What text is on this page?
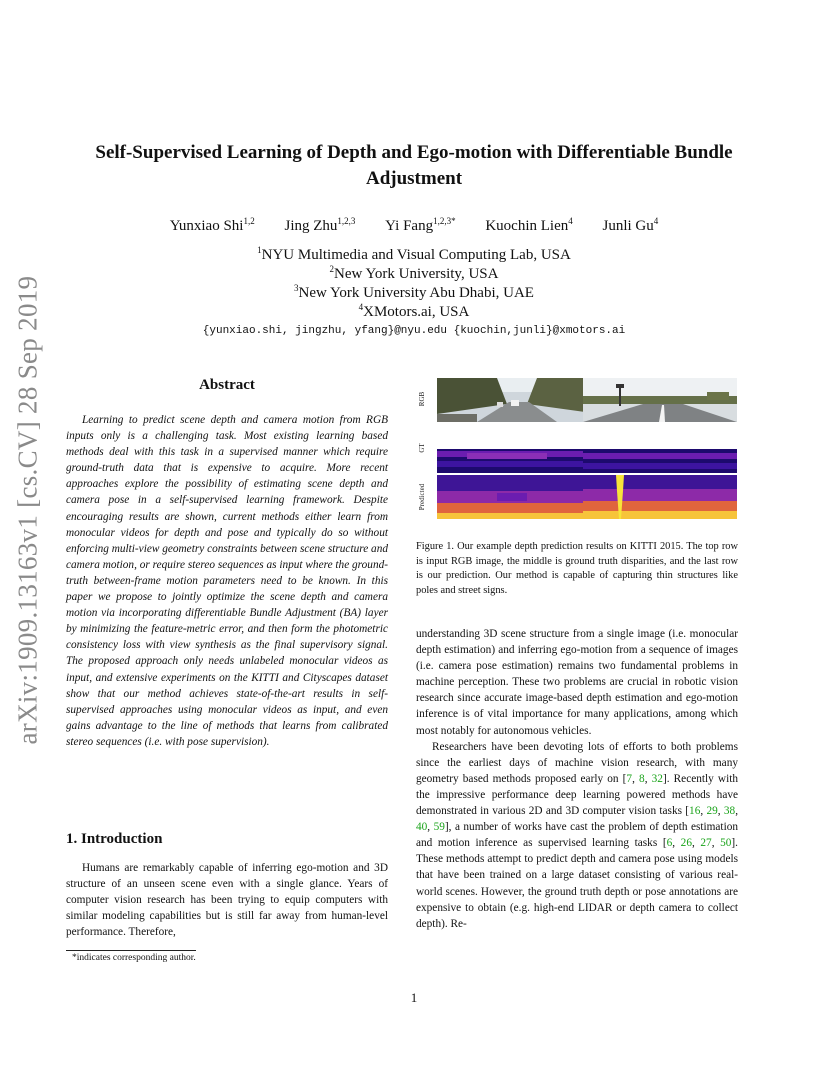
Self-Supervised Learning of Depth and Ego-motion with Differentiable Bundle
Adjustment
Yunxiao Shi$^{1,2}$ Jing Zhu$^{1,2,3}$ Yi Fang$^{1,2,3*}$ Kuochin Lien$^4$ Junli Gu$^4$
$^1$NYU Multimedia and Visual Computing Lab, USA
$^2$New York University, USA
$^3$New York University Abu Dhabi, UAE
$^4$XMotors.ai, USA
{yunxiao.shi, jingzhu, yfang}@nyu.edu {kuochin,junli}@xmotors.ai
arXiv:1909.13163v1 [cs.CV] 28 Sep 2019	Abstract

Learning to predict scene depth and camera motion from RGB inputs only is a challenging task. Most existing learning based methods deal with this task in a supervised manner which require ground-truth data that is expensive to acquire. More recent approaches explore the possibility of estimating scene depth and camera pose in a self-supervised learning framework. Despite encouraging results are shown, current methods either learn from monocular videos for depth and pose and typically do so without enforcing multi-view geometry constraints between scene structure and camera motion, or require stereo sequences as input where the ground-truth between-frame motion parameters need to be known. In this paper we propose to jointly optimize the scene depth and camera motion via incorporating differentiable Bundle Adjustment (BA) layer by minimizing the feature-metric error, and then form the photometric consistency loss with view synthesis as the final supervisory signal. The proposed approach only needs unlabeled monocular videos as input, and extensive experiments on the KITTI and Cityscapes dataset show that our method achieves state-of-the-art results in self-supervised approaches using monocular videos as input, and even gains advantage to the line of methods that learns from calibrated stereo sequences (i.e. with pose supervision).

1. Introduction

Humans are remarkably capable of inferring ego-motion and 3D structure of an unseen scene even with a single glance. Years of computer vision research has been trying to equip computers with similar modeling capabilities but is still far away from human-level performance. Therefore,

*indicates corresponding author.
RGB
GT
Predicted
Figure 1. Our example depth prediction results on KITTI 2015. The top row is input RGB image, the middle is ground truth disparities, and the last row is our prediction. Our method is capable of capturing thin structures like poles and street signs.

understanding 3D scene structure from a single image (i.e. monocular depth estimation) and inferring ego-motion from a sequence of images (i.e. camera pose estimation) remains two fundamental problems in machine perception. These two problems are crucial in robotic vision research since accurate image-based depth estimation and ego-motion inference is of vital importance for many applications, among which most notably for autonomous vehicles.

Researchers have been devoting lots of efforts to both problems since the earliest days of machine vision research, with many geometry based methods proposed early on [7, 8, 32]. Recently with the impressive performance deep learning powered methods have demonstrated in various 2D and 3D computer vision tasks [16, 29, 38, 40, 59], a number of works have cast the problem of depth estimation and motion inference as supervised learning tasks [6, 26, 27, 50]. These methods attempt to predict depth and camera pose using models that have been trained on a large dataset consisting of various real-world scenes. However, the ground truth depth or pose annotations are expensive to obtain (e.g. high-end LIDAR or depth camera to collect depth). Re-

1
